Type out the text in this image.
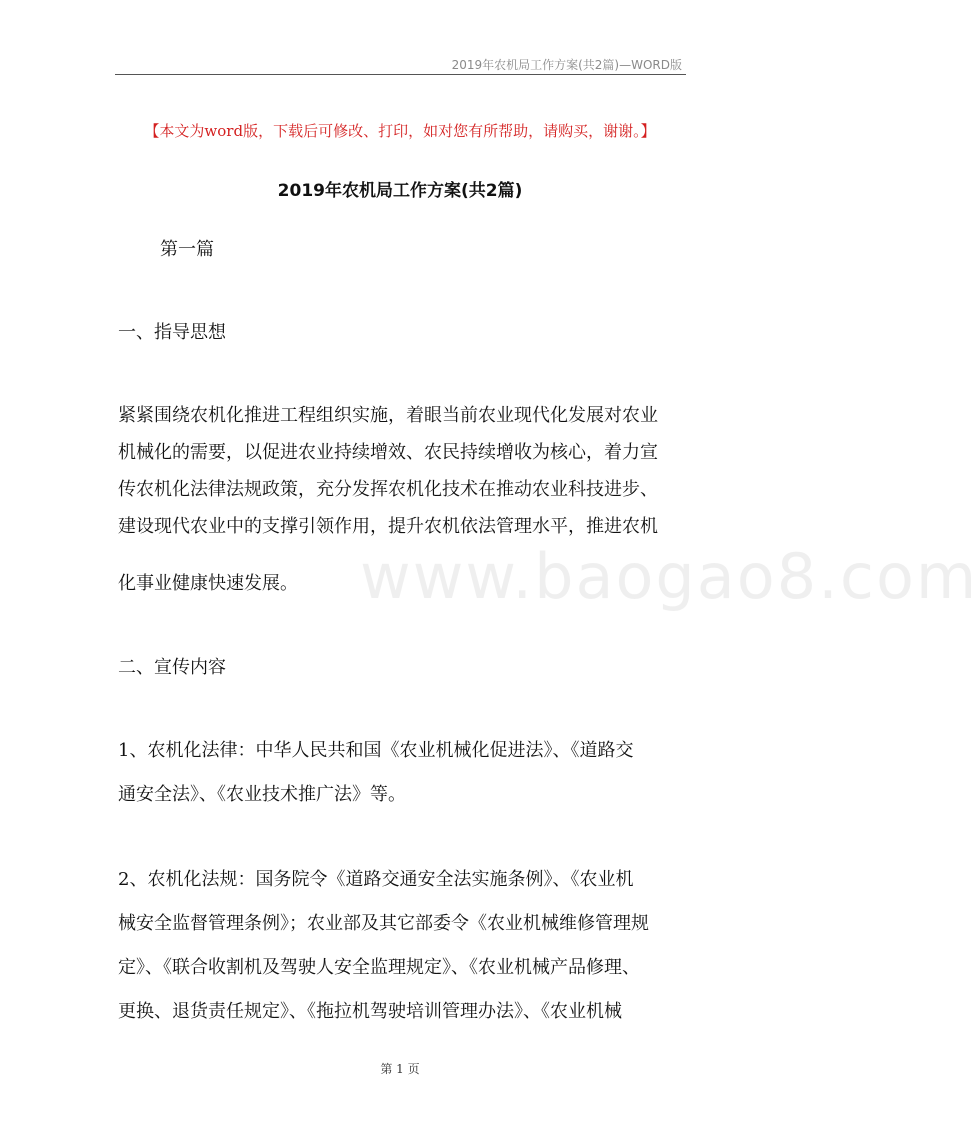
2019年农机局工作方案(共2篇)—WORD版
【本文为word版，下载后可修改、打印，如对您有所帮助，请购买，谢谢。】
2019年农机局工作方案(共2篇)
第一篇
一、指导思想
紧紧围绕农机化推进工程组织实施，着眼当前农业现代化发展对农业
机械化的需要，以促进农业持续增效、农民持续增收为核心，着力宣
传农机化法律法规政策，充分发挥农机化技术在推动农业科技进步、
建设现代农业中的支撑引领作用，提升农机依法管理水平，推进农机
化事业健康快速发展。
二、宣传内容
1、农机化法律：中华人民共和国《农业机械化促进法》、《道路交
通安全法》、《农业技术推广法》等。
2、农机化法规：国务院令《道路交通安全法实施条例》、《农业机
械安全监督管理条例》；农业部及其它部委令《农业机械维修管理规
定》、《联合收割机及驾驶人安全监理规定》、《农业机械产品修理、
更换、退货责任规定》、《拖拉机驾驶培训管理办法》、《农业机械
www.baogao8.com
第 1 页
